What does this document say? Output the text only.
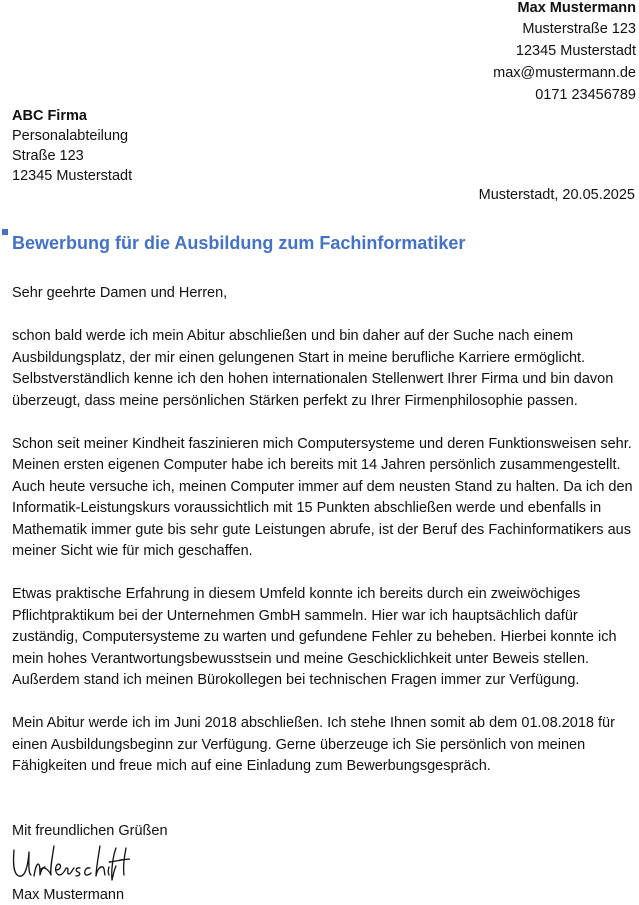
Max Mustermann
Musterstraße 123
12345 Musterstadt
max@mustermann.de
0171 23456789
ABC Firma
Personalabteilung
Straße 123
12345 Musterstadt
Musterstadt, 20.05.2025
Bewerbung für die Ausbildung zum Fachinformatiker

Sehr geehrte Damen und Herren,

schon bald werde ich mein Abitur abschließen und bin daher auf der Suche nach einem Ausbildungsplatz, der mir einen gelungenen Start in meine berufliche Karriere ermöglicht. Selbstverständlich kenne ich den hohen internationalen Stellenwert Ihrer Firma und bin davon überzeugt, dass meine persönlichen Stärken perfekt zu Ihrer Firmenphilosophie passen.

Schon seit meiner Kindheit faszinieren mich Computersysteme und deren Funktionsweisen sehr. Meinen ersten eigenen Computer habe ich bereits mit 14 Jahren persönlich zusammengestellt. Auch heute versuche ich, meinen Computer immer auf dem neusten Stand zu halten. Da ich den Informatik-Leistungskurs voraussichtlich mit 15 Punkten abschließen werde und ebenfalls in Mathematik immer gute bis sehr gute Leistungen abrufe, ist der Beruf des Fachinformatikers aus meiner Sicht wie für mich geschaffen.

Etwas praktische Erfahrung in diesem Umfeld konnte ich bereits durch ein zweiwöchiges Pflichtpraktikum bei der Unternehmen GmbH sammeln. Hier war ich hauptsächlich dafür zuständig, Computersysteme zu warten und gefundene Fehler zu beheben. Hierbei konnte ich mein hohes Verantwortungsbewusstsein und meine Geschicklichkeit unter Beweis stellen. Außerdem stand ich meinen Bürokollegen bei technischen Fragen immer zur Verfügung.

Mein Abitur werde ich im Juni 2018 abschließen. Ich stehe Ihnen somit ab dem 01.08.2018 für einen Ausbildungsbeginn zur Verfügung. Gerne überzeuge ich Sie persönlich von meinen Fähigkeiten und freue mich auf eine Einladung zum Bewerbungsgespräch.

Mit freundlichen Grüßen
Max Mustermann
